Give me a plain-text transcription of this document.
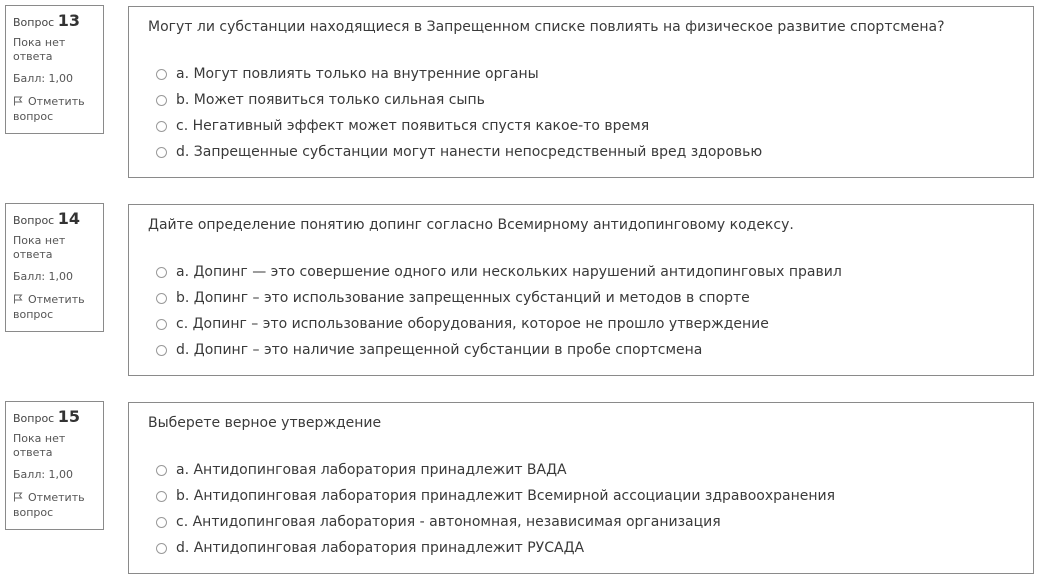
Вопрос 13
Пока нет ответа
Балл: 1,00
Отметить вопрос
Могут ли субстанции находящиеся в Запрещенном списке повлиять на физическое развитие спортсмена?
a. Могут повлиять только на внутренние органы
b. Может появиться только сильная сыпь
c. Негативный эффект может появиться спустя какое-то время
d. Запрещенные субстанции могут нанести непосредственный вред здоровью
Вопрос 14
Пока нет ответа
Балл: 1,00
Отметить вопрос
Дайте определение понятию допинг согласно Всемирному антидопинговому кодексу.
a. Допинг — это совершение одного или нескольких нарушений антидопинговых правил
b. Допинг – это использование запрещенных субстанций и методов в спорте
c. Допинг – это использование оборудования, которое не прошло утверждение
d. Допинг – это наличие запрещенной субстанции в пробе спортсмена
Вопрос 15
Пока нет ответа
Балл: 1,00
Отметить вопрос
Выберете верное утверждение
a. Антидопинговая лаборатория принадлежит ВАДА
b. Антидопинговая лаборатория принадлежит Всемирной ассоциации здравоохранения
c. Антидопинговая лаборатория - автономная, независимая организация
d. Антидопинговая лаборатория принадлежит РУСАДА
